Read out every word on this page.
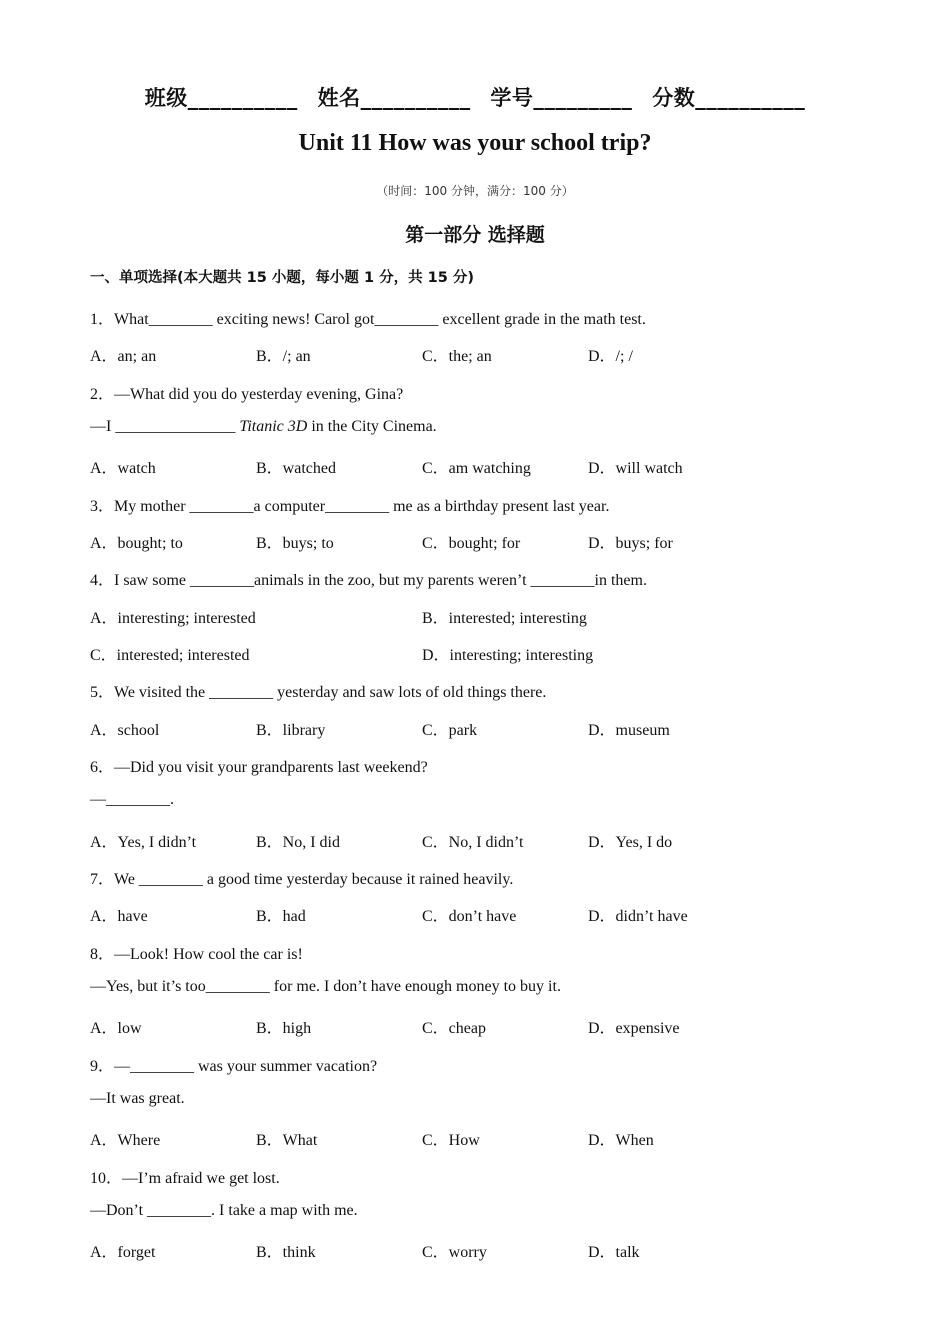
班级__________ 姓名__________ 学号_________ 分数__________
Unit 11 How was your school trip?
（时间：100 分钟，满分：100 分）
第一部分 选择题
一、单项选择(本大题共 15 小题，每小题 1 分，共 15 分)
1．What________ exciting news! Carol got________ excellent grade in the math test.
A．an; an	B．/; an	C．the; an	D．/; /
2．—What did you do yesterday evening, Gina?
—I _______________ Titanic 3D in the City Cinema.
A．watch	B．watched	C．am watching	D．will watch
3．My mother ________a computer________ me as a birthday present last year.
A．bought; to	B．buys; to	C．bought; for	D．buys; for
4．I saw some ________animals in the zoo, but my parents weren’t ________in them.
A．interesting; interested	B．interested; interesting
C．interested; interested	D．interesting; interesting
5．We visited the ________ yesterday and saw lots of old things there.
A．school	B．library	C．park	D．museum
6．—Did you visit your grandparents last weekend?
—________.
A．Yes, I didn’t	B．No, I did	C．No, I didn’t	D．Yes, I do
7．We ________ a good time yesterday because it rained heavily.
A．have	B．had	C．don’t have	D．didn’t have
8．—Look! How cool the car is!
—Yes, but it’s too________ for me. I don’t have enough money to buy it.
A．low	B．high	C．cheap	D．expensive
9．—________ was your summer vacation?
—It was great.
A．Where	B．What	C．How	D．When
10．—I’m afraid we get lost.
—Don’t ________. I take a map with me.
A．forget	B．think	C．worry	D．talk
